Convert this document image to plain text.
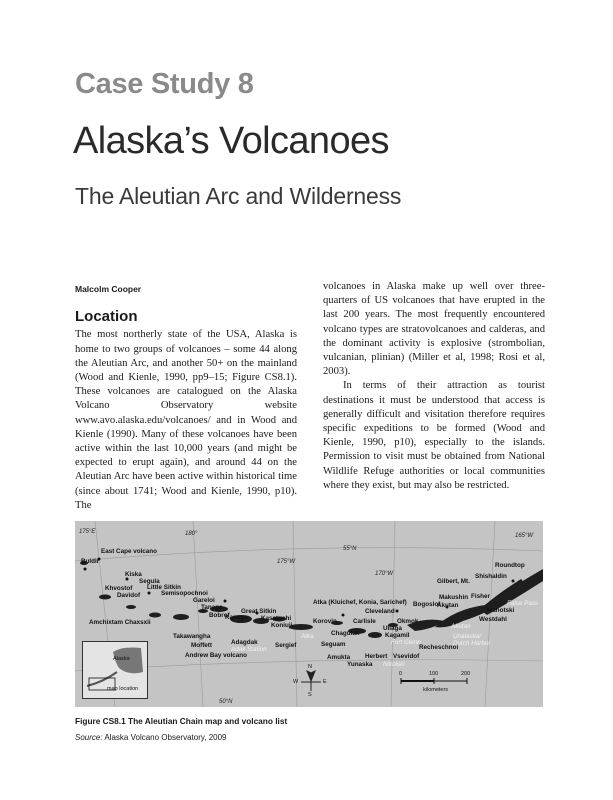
Case Study 8
Alaska’s Volcanoes
The Aleutian Arc and Wilderness
Malcolm Cooper
Location

The most northerly state of the USA, Alaska is home to two groups of volcanoes – some 44 along the Aleutian Arc, and another 50+ on the mainland (Wood and Kienle, 1990, pp9–15; Figure CS8.1). These volcanoes are catalogued on the Alaska Volcano Observatory website www.avo.alaska.edu/volcanoes/ and in Wood and Kienle (1990). Many of these volcanoes have been active within the last 10,000 years (and might be expected to erupt again), and around 44 on the Aleutian Arc have been active within historical time (since about 1741; Wood and Kienle, 1990, p10). The

volcanoes in Alaska make up well over three-quarters of US volcanoes that have erupted in the last 200 years. The most frequently encountered volcano types are stratovolcanoes and calderas, and the dominant activity is explosive (strombolian, vulcanian, plinian) (Miller et al, 1998; Rosi et al, 2003).

In terms of their attraction as tourist destinations it must be understood that access is generally difficult and visitation therefore requires specific expeditions to be formed (Wood and Kienle, 1990, p10), especially to the islands. Permission to visit must be obtained from National Wildlife Refuge authorities or local communities where they exist, but may also be restricted.

175°E	180°
175°W
55°N
170°W
165°W
50°N
East Cape volcano
Buldir
Kiska
Segula
Khvostof Little Sitkin
Davidof	Semisopochnoi
Gareloi
Tanaga
Amchixtam Chaxsxii
Bobrof
Kanaga
Great Sitkin
Kasatochi
Koniuji
Takawangha
Moffett	Adagdak
Andrew Bay volcano
Sergief
Atka (Kluichef, Konia, Sarichef)
Korovin
Cleveland
Carlisle
Chagulak
Uliaga
Kagamil
Seguam
Amukta
Yunaska
Herbert Vsevidof
Recheschnoi
Okmok
Bogoslof
Makushin
Akutan
Gilbert, Mt.
Fisher
Shishaldin
Roundtop
Isanotski
Westdahl
Adak Station
Atka
Nikolski
Fort Glenn
Unalaska/ Dutch Harbor
False Pass
Akutan
Alaska
map location
N
W	E
S
0	100	200
kilometers
Figure CS8.1 The Aleutian Chain map and volcano list
Source: Alaska Volcano Observatory, 2009
